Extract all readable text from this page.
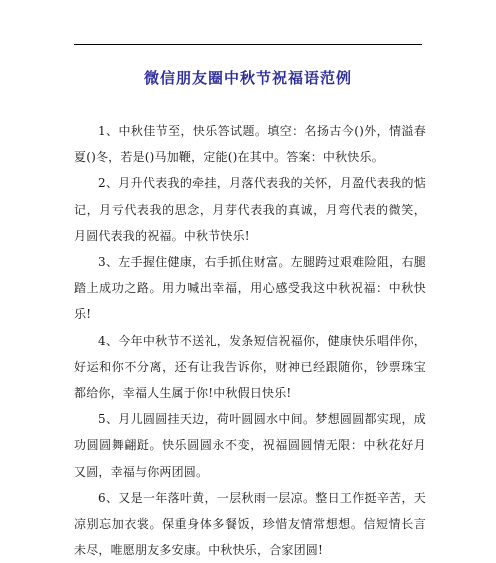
微信朋友圈中秋节祝福语范例

1、中秋佳节至，快乐答试题。填空：名扬古今()外，情溢春夏()冬，若是()马加鞭，定能()在其中。答案：中秋快乐。

2、月升代表我的牵挂，月落代表我的关怀，月盈代表我的惦记，月亏代表我的思念，月芽代表我的真诚，月弯代表的微笑，月圆代表我的祝福。中秋节快乐!

3、左手握住健康，右手抓住财富。左腿跨过艰难险阻，右腿踏上成功之路。用力喊出幸福，用心感受我这中秋祝福：中秋快乐!

4、今年中秋节不送礼，发条短信祝福你，健康快乐唱伴你，好运和你不分离，还有让我告诉你，财神已经跟随你，钞票珠宝都给你，幸福人生属于你!中秋假日快乐!

5、月儿圆圆挂天边，荷叶圆圆水中间。梦想圆圆都实现，成功圆圆舞翩跹。快乐圆圆永不变，祝福圆圆情无限：中秋花好月又圆，幸福与你两团圆。

6、又是一年落叶黄，一层秋雨一层凉。整日工作挺辛苦，天凉别忘加衣裳。保重身体多餐饭，珍惜友情常想想。信短情长言未尽，唯愿朋友多安康。中秋快乐，合家团圆!
